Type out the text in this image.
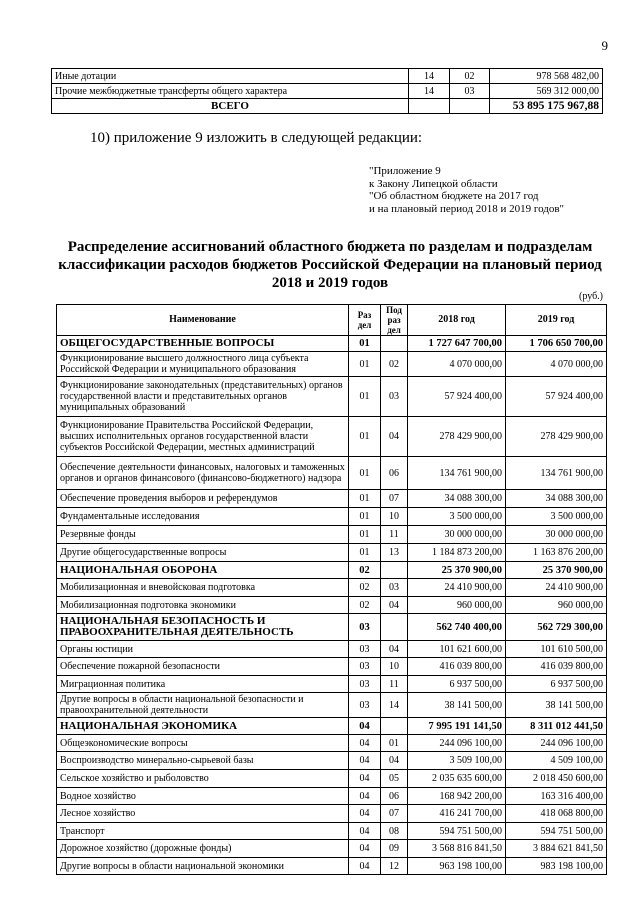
9
Иные дотации	14	02	978 568 482,00
Прочие межбюджетные трансферты общего характера	14	03	569 312 000,00
ВСЕГО			53 895 175 967,88
10) приложение 9 изложить в следующей редакции:
"Приложение 9
к Закону Липецкой области
"Об областном бюджете на 2017 год
и на плановый период 2018 и 2019 годов"
Распределение ассигнований областного бюджета по разделам и подразделам
классификации расходов бюджетов Российской Федерации на плановый период
2018 и 2019 годов
(руб.)
Наименование	Раз дел	Под раз дел	2018 год	2019 год
ОБЩЕГОСУДАРСТВЕННЫЕ ВОПРОСЫ	01		1 727 647 700,00	1 706 650 700,00
Функционирование высшего должностного лица субъекта Российской Федерации и муниципального образования	01	02	4 070 000,00	4 070 000,00
Функционирование законодательных (представительных) органов государственной власти и представительных органов муниципальных образований	01	03	57 924 400,00	57 924 400,00
Функционирование Правительства Российской Федерации, высших исполнительных органов государственной власти субъектов Российской Федерации, местных администраций	01	04	278 429 900,00	278 429 900,00
Обеспечение деятельности финансовых, налоговых и таможенных органов и органов финансового (финансово-бюджетного) надзора	01	06	134 761 900,00	134 761 900,00
Обеспечение проведения выборов и референдумов	01	07	34 088 300,00	34 088 300,00
Фундаментальные исследования	01	10	3 500 000,00	3 500 000,00
Резервные фонды	01	11	30 000 000,00	30 000 000,00
Другие общегосударственные вопросы	01	13	1 184 873 200,00	1 163 876 200,00
НАЦИОНАЛЬНАЯ ОБОРОНА	02		25 370 900,00	25 370 900,00
Мобилизационная и вневойсковая подготовка	02	03	24 410 900,00	24 410 900,00
Мобилизационная подготовка экономики	02	04	960 000,00	960 000,00
НАЦИОНАЛЬНАЯ БЕЗОПАСНОСТЬ И ПРАВООХРАНИТЕЛЬНАЯ ДЕЯТЕЛЬНОСТЬ	03		562 740 400,00	562 729 300,00
Органы юстиции	03	04	101 621 600,00	101 610 500,00
Обеспечение пожарной безопасности	03	10	416 039 800,00	416 039 800,00
Миграционная политика	03	11	6 937 500,00	6 937 500,00
Другие вопросы в области национальной безопасности и правоохранительной деятельности	03	14	38 141 500,00	38 141 500,00
НАЦИОНАЛЬНАЯ ЭКОНОМИКА	04		7 995 191 141,50	8 311 012 441,50
Общеэкономические вопросы	04	01	244 096 100,00	244 096 100,00
Воспроизводство минерально-сырьевой базы	04	04	3 509 100,00	4 509 100,00
Сельское хозяйство и рыболовство	04	05	2 035 635 600,00	2 018 450 600,00
Водное хозяйство	04	06	168 942 200,00	163 316 400,00
Лесное хозяйство	04	07	416 241 700,00	418 068 800,00
Транспорт	04	08	594 751 500,00	594 751 500,00
Дорожное хозяйство (дорожные фонды)	04	09	3 568 816 841,50	3 884 621 841,50
Другие вопросы в области национальной экономики	04	12	963 198 100,00	983 198 100,00
